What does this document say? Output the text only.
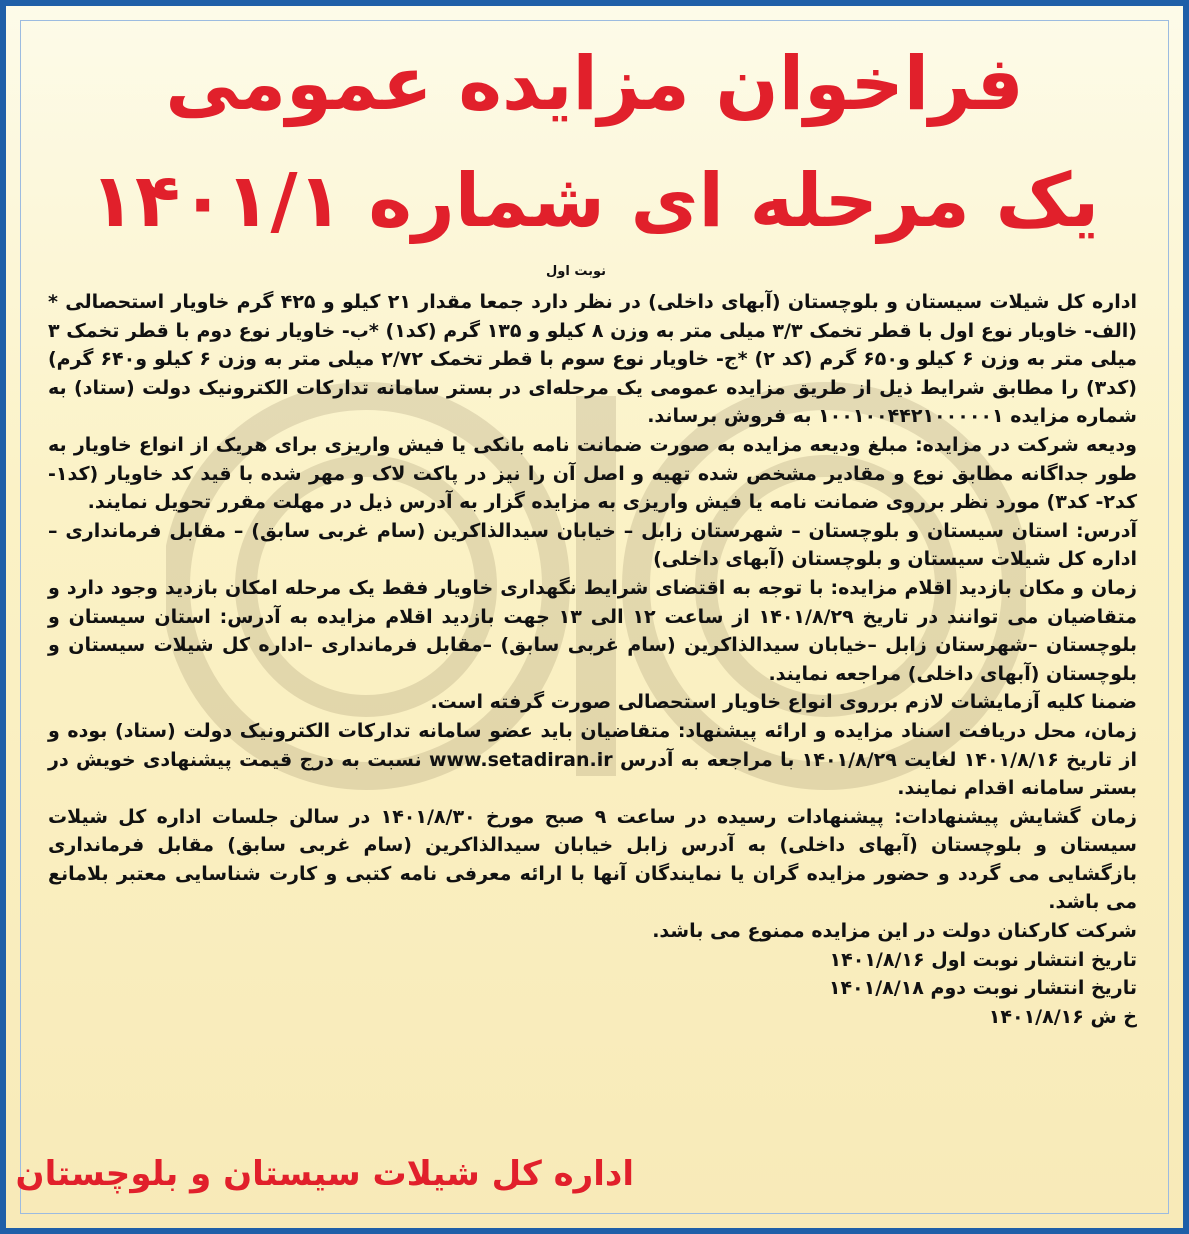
فراخوان مزایده عمومی
یک مرحله ای شماره ۱۴۰۱/۱
نوبت اول

اداره کل شیلات سیستان و بلوچستان (آبهای داخلی) در نظر دارد جمعا مقدار ۲۱ کیلو و ۴۲۵ گرم خاویار استحصالی * (الف- خاویار نوع اول با قطر تخمک ۳/۳ میلی متر به وزن ۸ کیلو و ۱۳۵ گرم (کد۱) *ب- خاویار نوع دوم با قطر تخمک ۳ میلی متر به وزن ۶ کیلو و۶۵۰ گرم (کد ۲) *ج- خاویار نوع سوم با قطر تخمک ۲/۷۲ میلی متر به وزن ۶ کیلو و۶۴۰ گرم) (کد۳) را مطابق شرایط ذیل از طریق مزایده عمومی یک مرحله‌ای در بستر سامانه تدارکات الکترونیک دولت (ستاد) به شماره مزایده ۱۰۰۱۰۰۴۴۲۱۰۰۰۰۰۱ به فروش برساند.

ودیعه شرکت در مزایده: مبلغ ودیعه مزایده به صورت ضمانت نامه بانکی یا فیش واریزی برای هریک از انواع خاویار به طور جداگانه مطابق نوع و مقادیر مشخص شده تهیه و اصل آن را نیز در پاکت لاک و مهر شده با قید کد خاویار (کد۱- کد۲- کد۳) مورد نظر برروی ضمانت نامه یا فیش واریزی به مزایده گزار به آدرس ذیل در مهلت مقرر تحویل نمایند.

آدرس: استان سیستان و بلوچستان – شهرستان زابل – خیابان سیدالذاکرین (سام غربی سابق) – مقابل فرمانداری – اداره کل شیلات سیستان و بلوچستان (آبهای داخلی)

زمان و مکان بازدید اقلام مزایده: با توجه به اقتضای شرایط نگهداری خاویار فقط یک مرحله امکان بازدید وجود دارد و متقاضیان می توانند در تاریخ ۱۴۰۱/۸/۲۹ از ساعت ۱۲ الی ۱۳ جهت بازدید اقلام مزایده به آدرس: استان سیستان و بلوچستان –شهرستان زابل –خیابان سیدالذاکرین (سام غربی سابق) –مقابل فرمانداری –اداره کل شیلات سیستان و بلوچستان (آبهای داخلی) مراجعه نمایند.

ضمنا کلیه آزمایشات لازم برروی انواع خاویار استحصالی صورت گرفته است.

زمان، محل دریافت اسناد مزایده و ارائه پیشنهاد: متقاضیان باید عضو سامانه تدارکات الکترونیک دولت (ستاد) بوده و از تاریخ ۱۴۰۱/۸/۱۶ لغایت ۱۴۰۱/۸/۲۹ با مراجعه به آدرس www.setadiran.ir نسبت به درج قیمت پیشنهادی خویش در بستر سامانه اقدام نمایند.

زمان گشایش پیشنهادات: پیشنهادات رسیده در ساعت ۹ صبح مورخ ۱۴۰۱/۸/۳۰ در سالن جلسات اداره کل شیلات سیستان و بلوچستان (آبهای داخلی) به آدرس زابل خیابان سیدالذاکرین (سام غربی سابق) مقابل فرمانداری بازگشایی می گردد و حضور مزایده گران یا نمایندگان آنها با ارائه معرفی نامه کتبی و کارت شناسایی معتبر بلامانع می باشد.

شرکت کارکنان دولت در این مزایده ممنوع می باشد.

تاریخ انتشار نوبت اول ۱۴۰۱/۸/۱۶

تاریخ انتشار نوبت دوم ۱۴۰۱/۸/۱۸

خ ش ۱۴۰۱/۸/۱۶

اداره کل شیلات سیستان و بلوچستان
